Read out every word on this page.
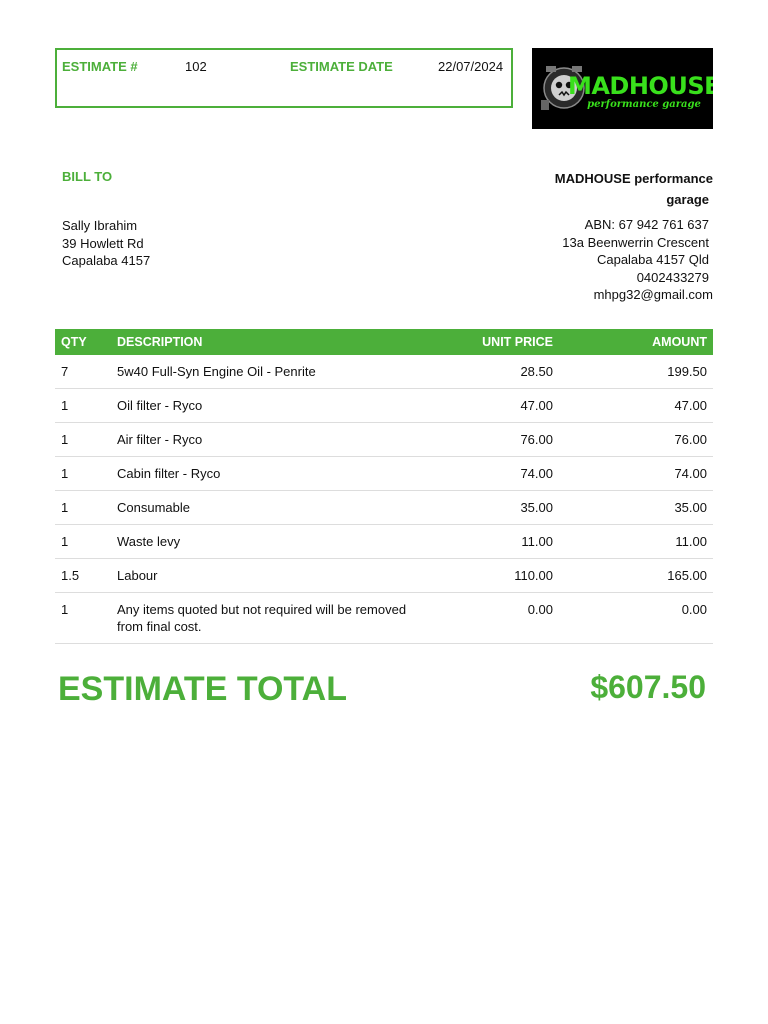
ESTIMATE #	102	ESTIMATE DATE	22/07/2024
MADHOUSE
performance garage
BILL TO
Sally Ibrahim
39 Howlett Rd
Capalaba 4157
MADHOUSE performance
garage
ABN: 67 942 761 637
13a Beenwerrin Crescent
Capalaba 4157 Qld
0402433279
mhpg32@gmail.com
QTY	DESCRIPTION	UNIT PRICE	AMOUNT
7	5w40 Full-Syn Engine Oil - Penrite	28.50	199.50
1	Oil filter - Ryco	47.00	47.00
1	Air filter - Ryco	76.00	76.00
1	Cabin filter - Ryco	74.00	74.00
1	Consumable	35.00	35.00
1	Waste levy	11.00	11.00
1.5	Labour	110.00	165.00
1	Any items quoted but not required will be removed from final cost.	0.00	0.00
ESTIMATE TOTAL	$607.50
